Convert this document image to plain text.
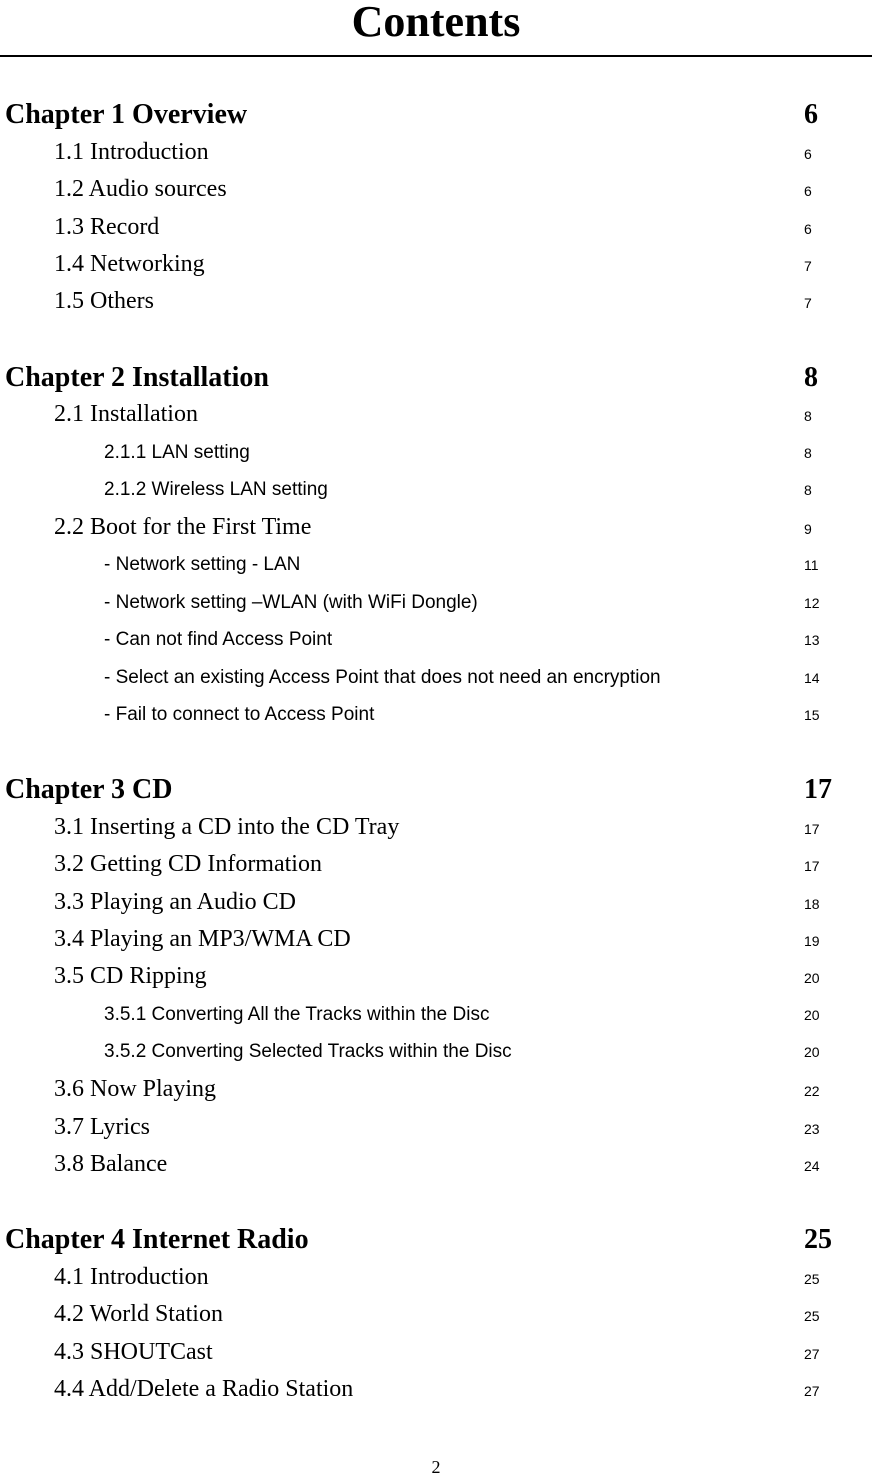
Contents
Chapter 1 Overview	6
1.1 Introduction	6
1.2 Audio sources	6
1.3 Record	6
1.4 Networking	7
1.5 Others	7
Chapter 2 Installation	8
2.1 Installation	8
2.1.1 LAN setting	8
2.1.2 Wireless LAN setting	8
2.2 Boot for the First Time	9
- Network setting - LAN	11
- Network setting –WLAN (with WiFi Dongle)	12
- Can not find Access Point	13
- Select an existing Access Point that does not need an encryption	14
- Fail to connect to Access Point	15
Chapter 3 CD	17
3.1 Inserting a CD into the CD Tray	17
3.2 Getting CD Information	17
3.3 Playing an Audio CD	18
3.4 Playing an MP3/WMA CD	19
3.5 CD Ripping	20
3.5.1 Converting All the Tracks within the Disc	20
3.5.2 Converting Selected Tracks within the Disc	20
3.6 Now Playing	22
3.7 Lyrics	23
3.8 Balance	24
Chapter 4 Internet Radio	25
4.1 Introduction	25
4.2 World Station	25
4.3 SHOUTCast	27
4.4 Add/Delete a Radio Station	27
2
